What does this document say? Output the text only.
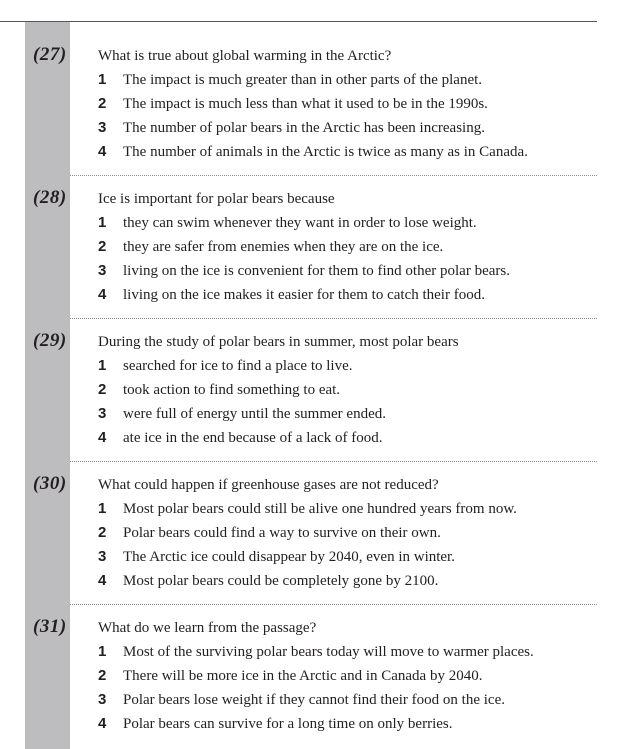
(27) What is true about global warming in the Arctic?
1 The impact is much greater than in other parts of the planet.
2 The impact is much less than what it used to be in the 1990s.
3 The number of polar bears in the Arctic has been increasing.
4 The number of animals in the Arctic is twice as many as in Canada.
(28) Ice is important for polar bears because
1 they can swim whenever they want in order to lose weight.
2 they are safer from enemies when they are on the ice.
3 living on the ice is convenient for them to find other polar bears.
4 living on the ice makes it easier for them to catch their food.
(29) During the study of polar bears in summer, most polar bears
1 searched for ice to find a place to live.
2 took action to find something to eat.
3 were full of energy until the summer ended.
4 ate ice in the end because of a lack of food.
(30) What could happen if greenhouse gases are not reduced?
1 Most polar bears could still be alive one hundred years from now.
2 Polar bears could find a way to survive on their own.
3 The Arctic ice could disappear by 2040, even in winter.
4 Most polar bears could be completely gone by 2100.
(31) What do we learn from the passage?
1 Most of the surviving polar bears today will move to warmer places.
2 There will be more ice in the Arctic and in Canada by 2040.
3 Polar bears lose weight if they cannot find their food on the ice.
4 Polar bears can survive for a long time on only berries.
